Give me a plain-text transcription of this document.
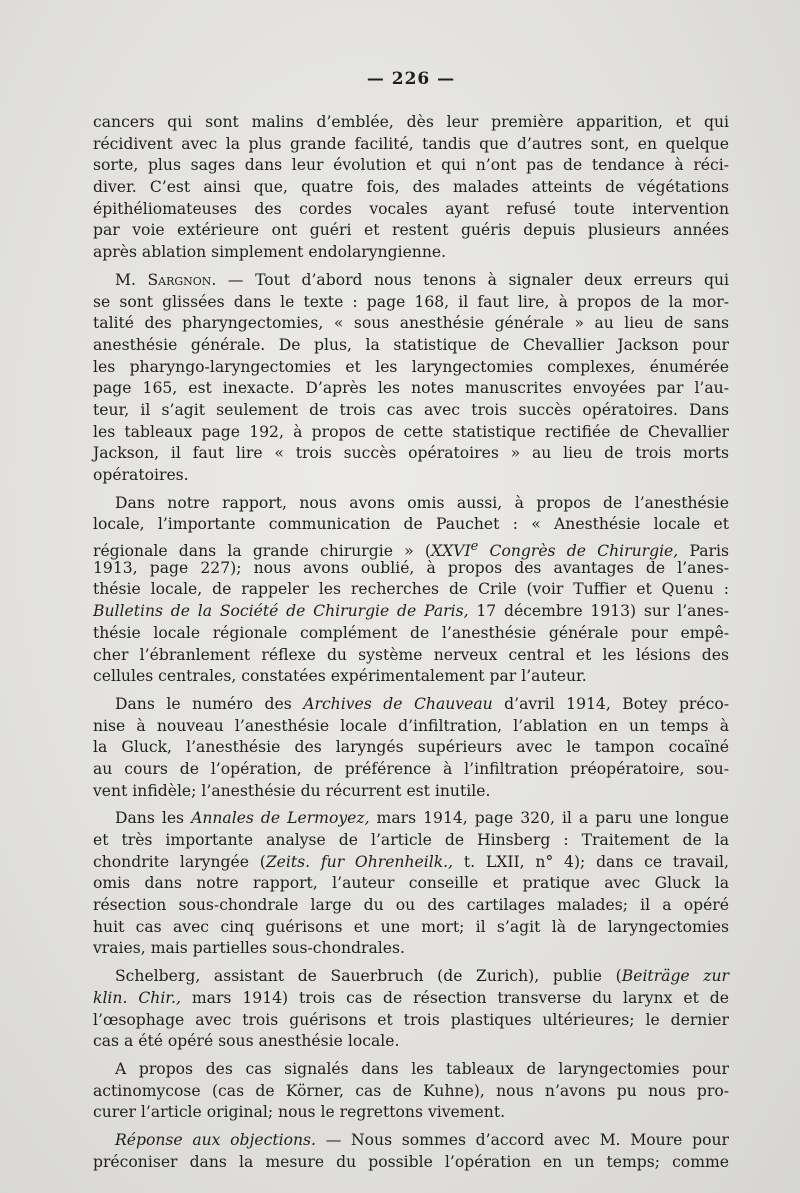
— 226 —
cancers qui sont malins d’emblée, dès leur première apparition, et qui
récidivent avec la plus grande facilité, tandis que d’autres sont, en quelque
sorte, plus sages dans leur évolution et qui n’ont pas de tendance à réci-
diver. C’est ainsi que, quatre fois, des malades atteints de végétations
épithéliomateuses des cordes vocales ayant refusé toute intervention
par voie extérieure ont guéri et restent guéris depuis plusieurs années
après ablation simplement endolaryngienne.
M. Sargnon. — Tout d’abord nous tenons à signaler deux erreurs qui
se sont glissées dans le texte : page 168, il faut lire, à propos de la mor-
talité des pharyngectomies, « sous anesthésie générale » au lieu de sans
anesthésie générale. De plus, la statistique de Chevallier Jackson pour
les pharyngo-laryngectomies et les laryngectomies complexes, énumérée
page 165, est inexacte. D’après les notes manuscrites envoyées par l’au-
teur, il s’agit seulement de trois cas avec trois succès opératoires. Dans
les tableaux page 192, à propos de cette statistique rectifiée de Chevallier
Jackson, il faut lire « trois succès opératoires » au lieu de trois morts
opératoires.
Dans notre rapport, nous avons omis aussi, à propos de l’anesthésie
locale, l’importante communication de Pauchet : « Anesthésie locale et
régionale dans la grande chirurgie » (XXVIe Congrès de Chirurgie, Paris
1913, page 227); nous avons oublié, à propos des avantages de l’anes-
thésie locale, de rappeler les recherches de Crile (voir Tuffier et Quenu :
Bulletins de la Société de Chirurgie de Paris, 17 décembre 1913) sur l’anes-
thésie locale régionale complément de l’anesthésie générale pour empê-
cher l’ébranlement réflexe du système nerveux central et les lésions des
cellules centrales, constatées expérimentalement par l’auteur.
Dans le numéro des Archives de Chauveau d’avril 1914, Botey préco-
nise à nouveau l’anesthésie locale d’infiltration, l’ablation en un temps à
la Gluck, l’anesthésie des laryngés supérieurs avec le tampon cocaïné
au cours de l’opération, de préférence à l’infiltration préopératoire, sou-
vent infidèle; l’anesthésie du récurrent est inutile.
Dans les Annales de Lermoyez, mars 1914, page 320, il a paru une longue
et très importante analyse de l’article de Hinsberg : Traitement de la
chondrite laryngée (Zeits. fur Ohrenheilk., t. LXII, n° 4); dans ce travail,
omis dans notre rapport, l’auteur conseille et pratique avec Gluck la
résection sous-chondrale large du ou des cartilages malades; il a opéré
huit cas avec cinq guérisons et une mort; il s’agit là de laryngectomies
vraies, mais partielles sous-chondrales.
Schelberg, assistant de Sauerbruch (de Zurich), publie (Beiträge zur
klin. Chir., mars 1914) trois cas de résection transverse du larynx et de
l’œsophage avec trois guérisons et trois plastiques ultérieures; le dernier
cas a été opéré sous anesthésie locale.
A propos des cas signalés dans les tableaux de laryngectomies pour
actinomycose (cas de Körner, cas de Kuhne), nous n’avons pu nous pro-
curer l’article original; nous le regrettons vivement.
Réponse aux objections. — Nous sommes d’accord avec M. Moure pour
préconiser dans la mesure du possible l’opération en un temps; comme
